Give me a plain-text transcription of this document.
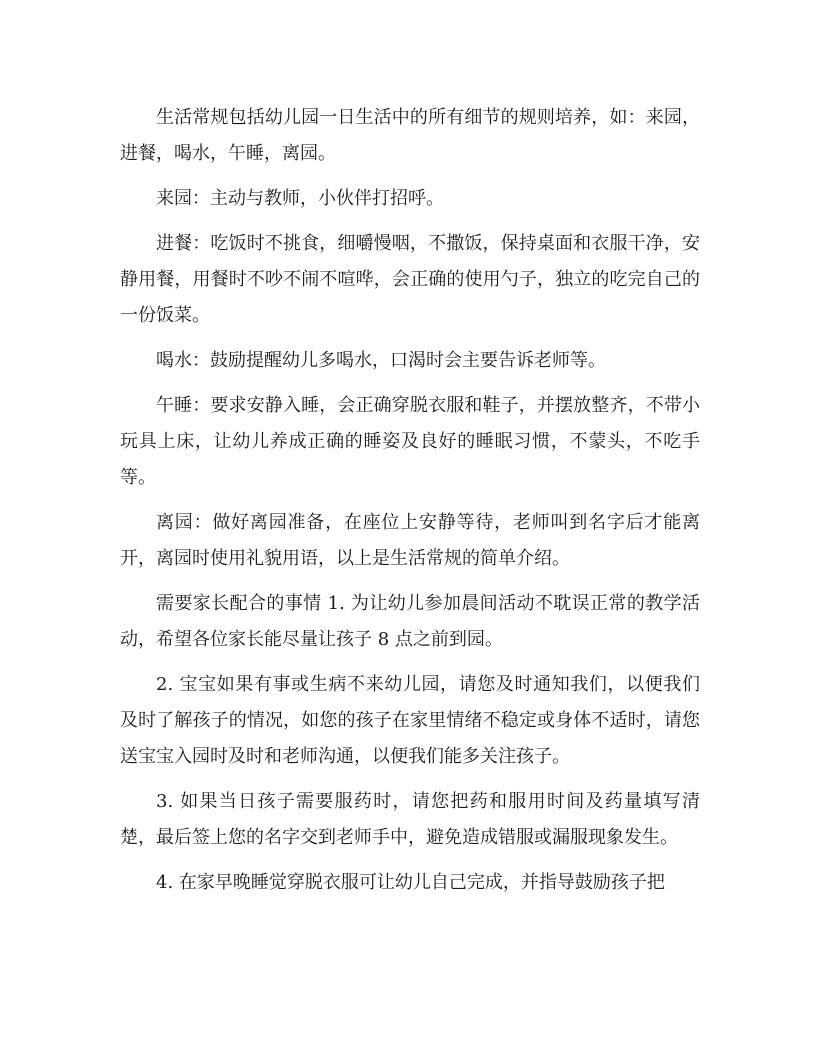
生活常规包括幼儿园一日生活中的所有细节的规则培养，如：来园，进餐，喝水，午睡，离园。

来园：主动与教师，小伙伴打招呼。

进餐：吃饭时不挑食，细嚼慢咽，不撒饭，保持桌面和衣服干净，安静用餐，用餐时不吵不闹不喧哗，会正确的使用勺子，独立的吃完自己的一份饭菜。

喝水：鼓励提醒幼儿多喝水，口渴时会主要告诉老师等。

午睡：要求安静入睡，会正确穿脱衣服和鞋子，并摆放整齐，不带小玩具上床，让幼儿养成正确的睡姿及良好的睡眠习惯，不蒙头，不吃手等。

离园：做好离园准备，在座位上安静等待，老师叫到名字后才能离开，离园时使用礼貌用语，以上是生活常规的简单介绍。

需要家长配合的事情 1. 为让幼儿参加晨间活动不耽误正常的教学活动，希望各位家长能尽量让孩子 8 点之前到园。

2. 宝宝如果有事或生病不来幼儿园，请您及时通知我们，以便我们及时了解孩子的情况，如您的孩子在家里情绪不稳定或身体不适时，请您送宝宝入园时及时和老师沟通，以便我们能多关注孩子。

3. 如果当日孩子需要服药时，请您把药和服用时间及药量填写清楚，最后签上您的名字交到老师手中，避免造成错服或漏服现象发生。

4. 在家早晚睡觉穿脱衣服可让幼儿自己完成，并指导鼓励孩子把
